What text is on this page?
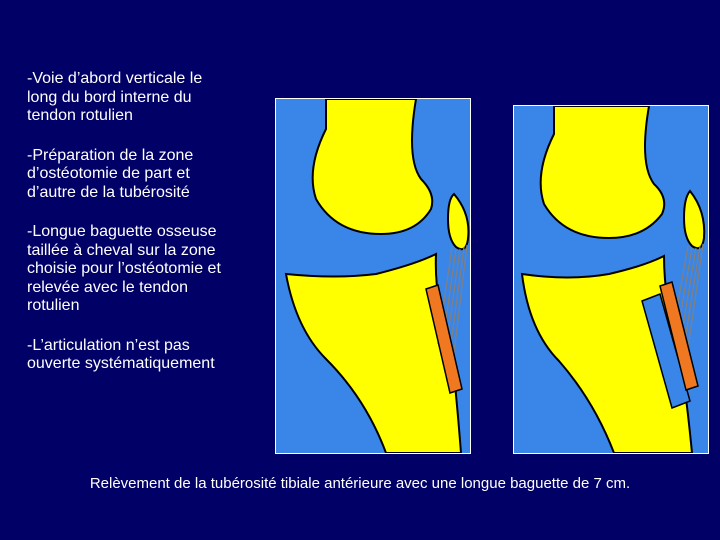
-Voie d’abord verticale le
long du bord interne du
tendon rotulien

-Préparation de la zone
d’ostéotomie de part et
d’autre de la tubérosité

-Longue baguette osseuse
taillée à cheval sur la zone
choisie pour l’ostéotomie et
relevée avec le tendon
rotulien

-L’articulation n’est pas
ouverte systématiquement

Relèvement de la tubérosité tibiale antérieure avec une longue baguette de 7 cm.
